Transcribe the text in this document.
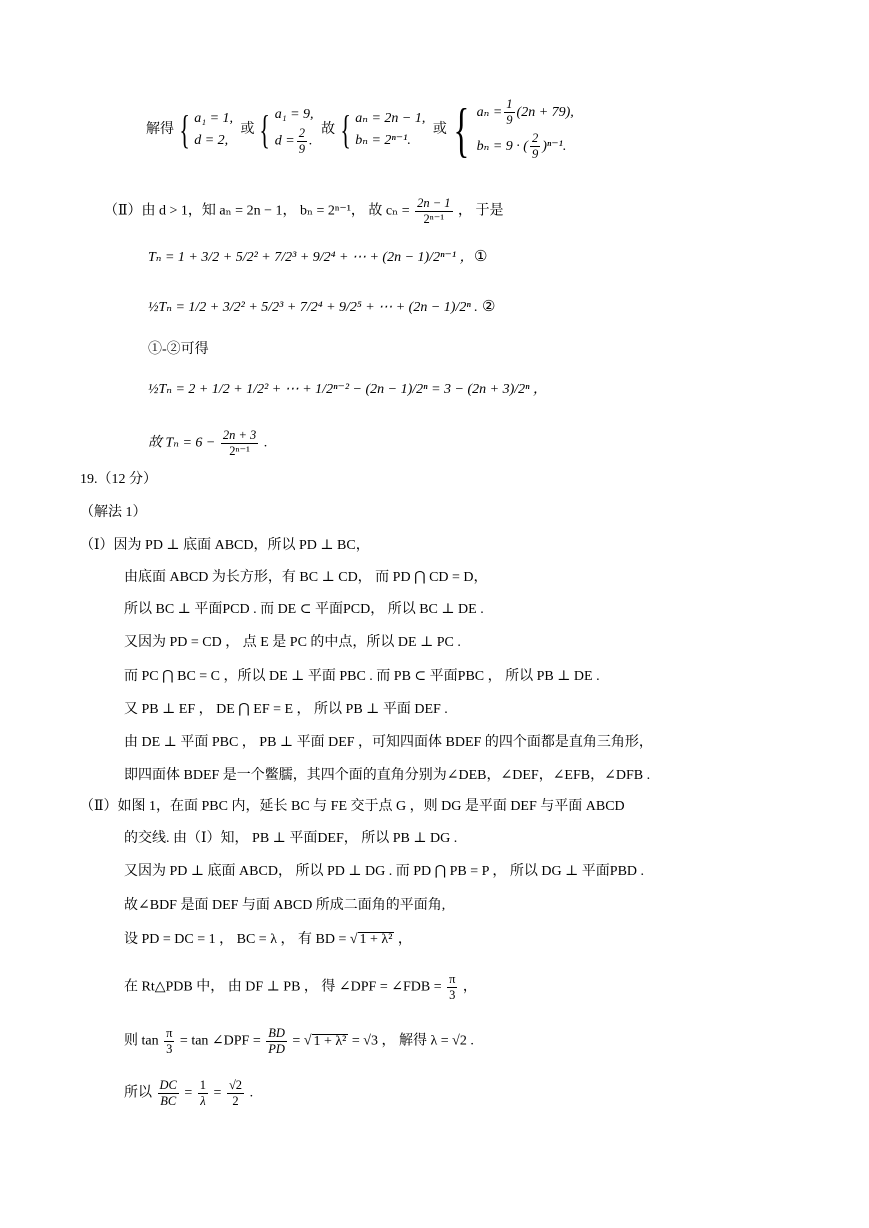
解得 { a₁ = 1,
d = 2,
或 { a₁ = 9,
$d = \frac{2}{9}$ .
故 { aₙ = 2n − 1,
bₙ = 2ⁿ⁻¹.
或 { $a_n = \frac{1}{9} (2n + 79)$,
bₙ = 9 · ( $\frac{2}{9} )^{n-1}$.
（Ⅱ）由 d > 1，知 aₙ = 2n − 1， bₙ = 2ⁿ⁻¹， 故 $c_n = \frac{2n - 1}{\text{2ⁿ⁻¹}}$ ， 于是
Tₙ = 1 + 3/2 + 5/2² + 7/2³ + 9/2⁴ + ⋯ + (2n − 1)/2ⁿ⁻¹ ， ①
½Tₙ = 1/2 + 3/2² + 5/2³ + 7/2⁴ + 9/2⁵ + ⋯ + (2n − 1)/2ⁿ . ②
①-②可得
½Tₙ = 2 + 1/2 + 1/2² + ⋯ + 1/2ⁿ⁻² − (2n − 1)/2ⁿ = 3 − (2n + 3)/2ⁿ ，
故 $T_n = 6 - \frac{2n + 3}{\text{2ⁿ⁻¹}}$ .
19.（12 分）
（解法 1）
（Ⅰ）因为 PD ⊥ 底面 ABCD，所以 PD ⊥ BC，
由底面 ABCD 为长方形，有 BC ⊥ CD， 而 PD ⋂ CD = D，
所以 BC ⊥ 平面PCD . 而 DE ⊂ 平面PCD， 所以 BC ⊥ DE .
又因为 PD = CD ， 点 E 是 PC 的中点，所以 DE ⊥ PC .
而 PC ⋂ BC = C ，所以 DE ⊥ 平面 PBC . 而 PB ⊂ 平面PBC ， 所以 PB ⊥ DE .
又 PB ⊥ EF ， DE ⋂ EF = E ， 所以 PB ⊥ 平面 DEF .
由 DE ⊥ 平面 PBC ， PB ⊥ 平面 DEF ，可知四面体 BDEF 的四个面都是直角三角形，
即四面体 BDEF 是一个鳖臑，其四个面的直角分别为∠DEB，∠DEF，∠EFB，∠DFB .
（Ⅱ）如图 1，在面 PBC 内，延长 BC 与 FE 交于点 G ，则 DG 是平面 DEF 与平面 ABCD
的交线. 由（Ⅰ）知， PB ⊥ 平面DEF， 所以 PB ⊥ DG .
又因为 PD ⊥ 底面 ABCD， 所以 PD ⊥ DG . 而 PD ⋂ PB = P ， 所以 DG ⊥ 平面PBD .
故∠BDF 是面 DEF 与面 ABCD 所成二面角的平面角,
设 PD = DC = 1 ， BC = λ ， 有 BD = √ 1 + λ² ，
在 Rt△PDB 中， 由 DF ⊥ PB ， 得 ∠DPF = ∠FDB = $\frac{\pi}{3}$ ，
则 $\tan \frac{\pi}{3} = \tan$ ∠DPF = $\frac{BD}{PD}$ = √ 1 + λ² = √3 ， 解得 λ = √2 .
所以 $\frac{DC}{BC} = \frac{1}{\lambda} = \frac{√2}{2}$ .
